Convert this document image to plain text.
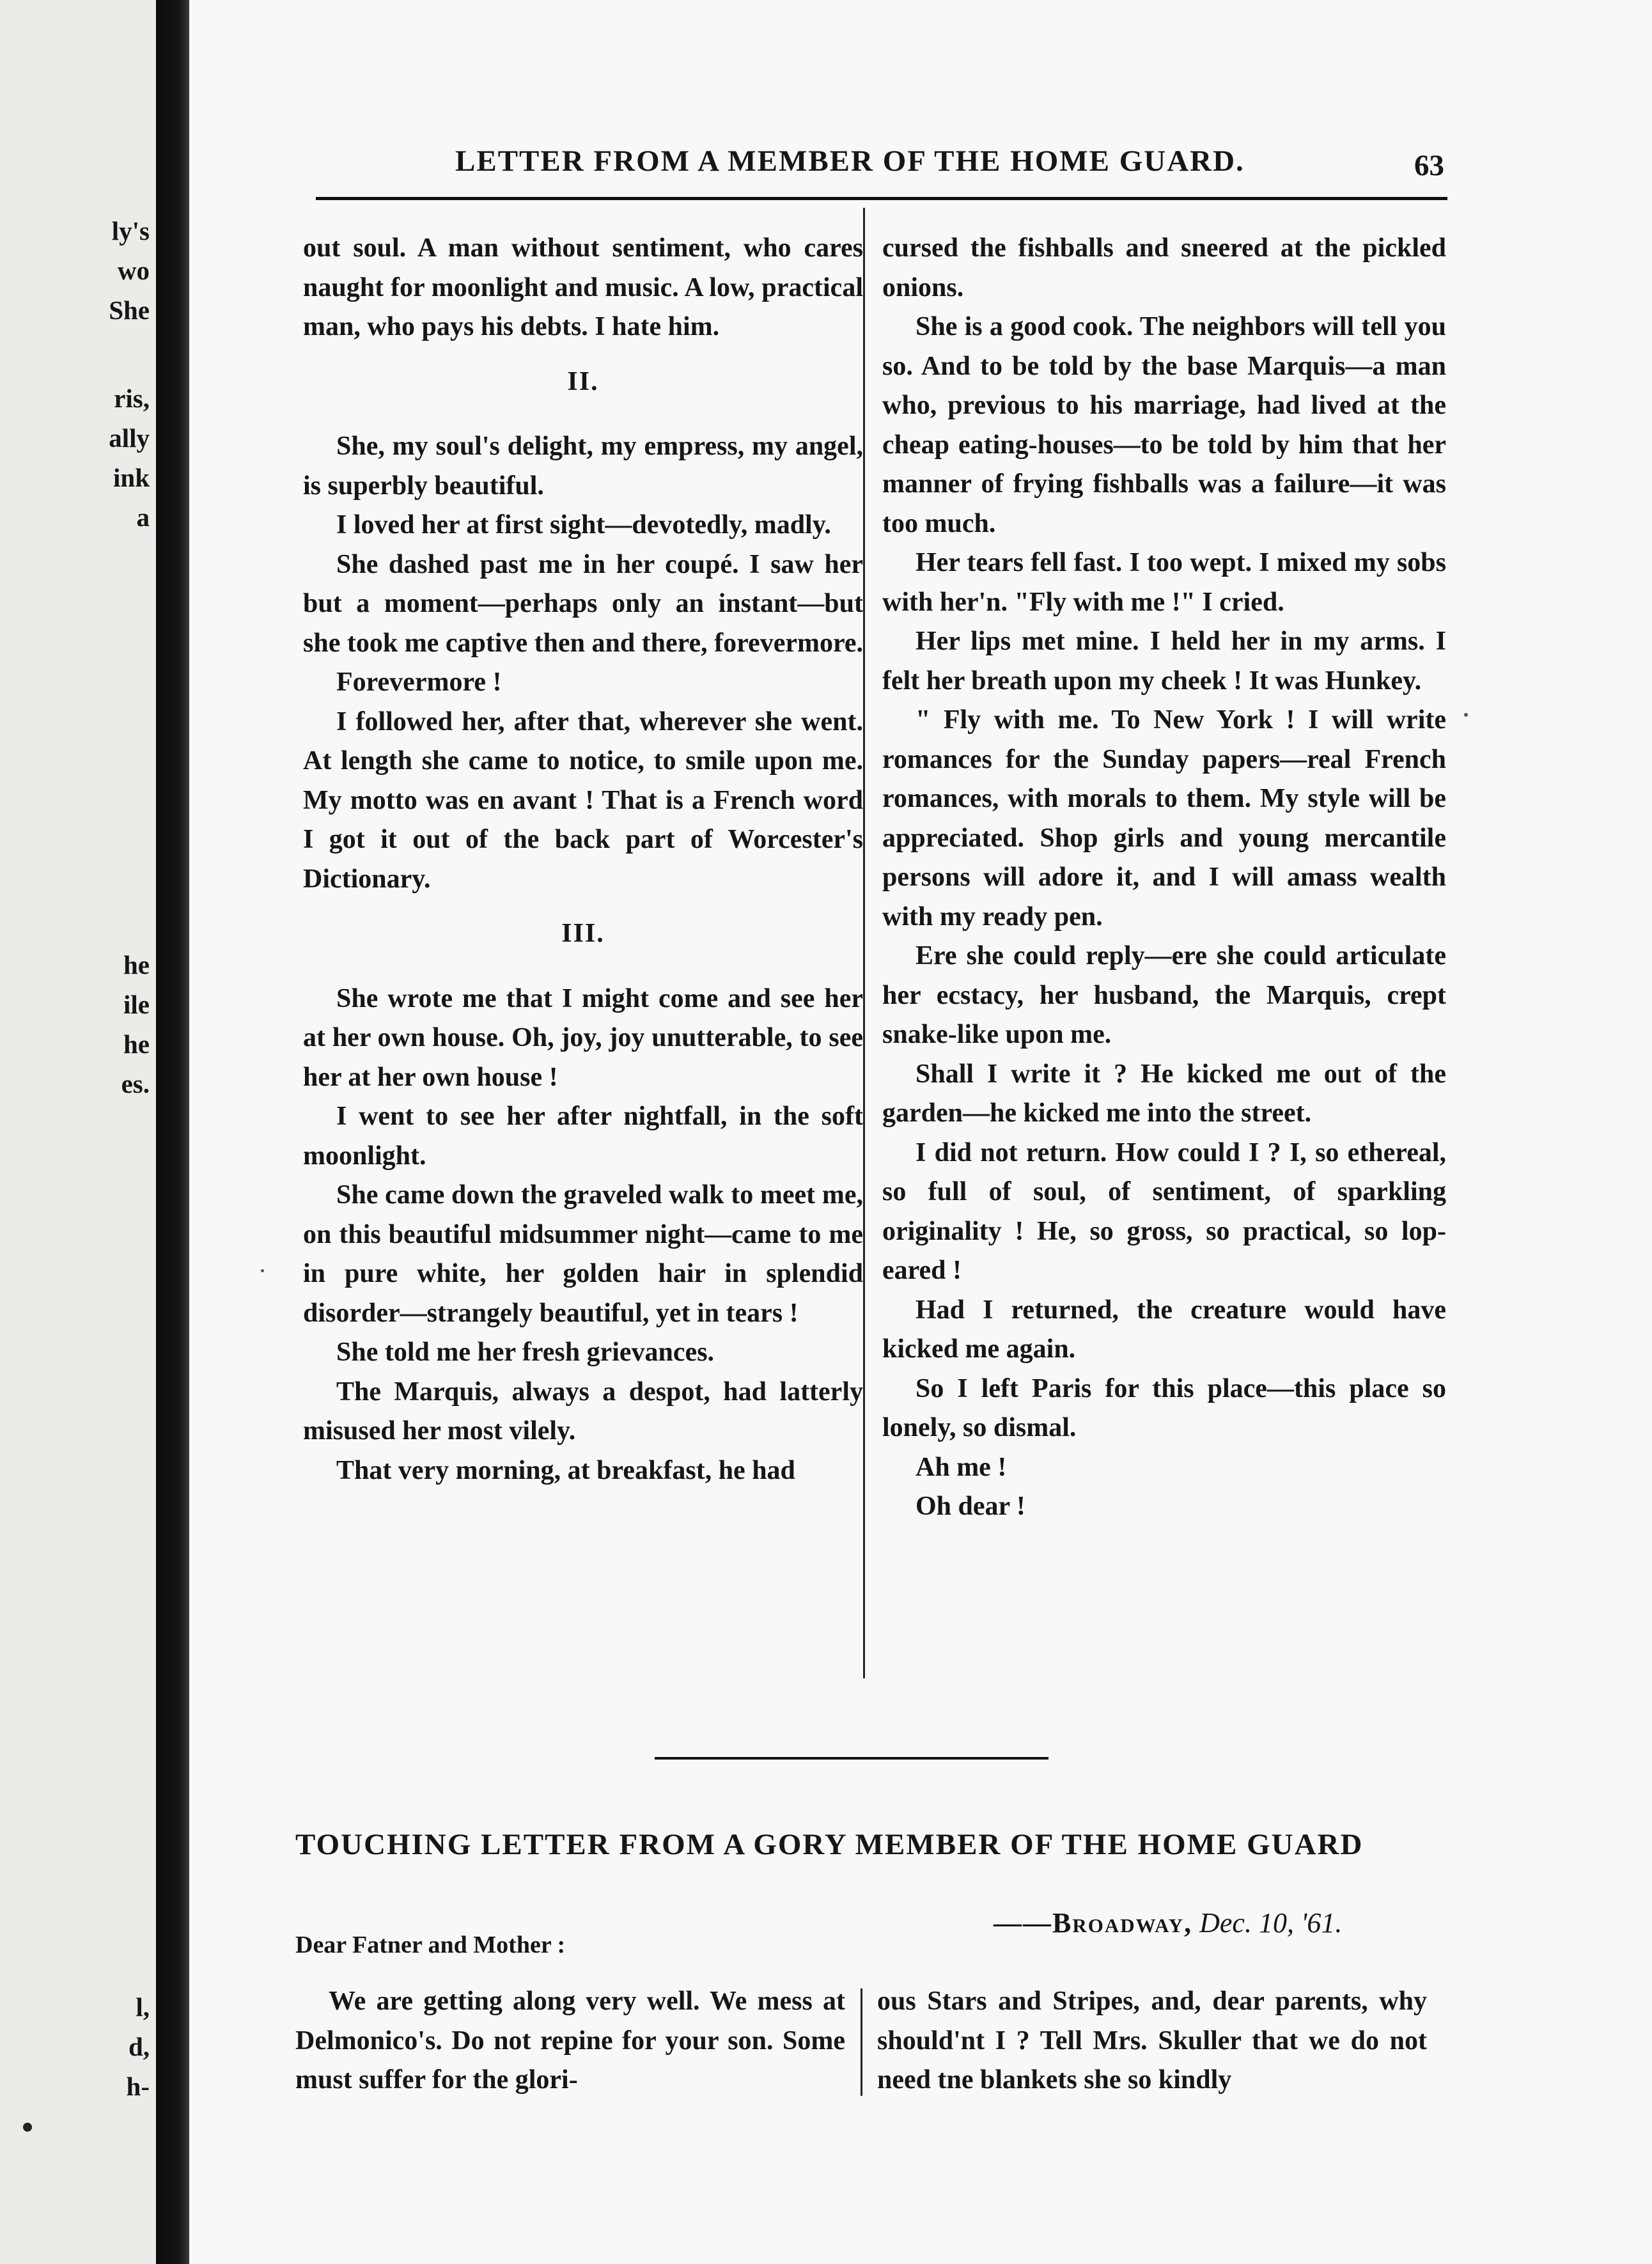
ly's
wo
She
ris,
ally
ink
a
he
ile
he
es.
l,
d,
h-
LETTER FROM A MEMBER OF THE HOME GUARD.	63

out soul. A man without sentiment, who cares naught for moonlight and music. A low, practical man, who pays his debts. I hate him.

II.

She, my soul's delight, my empress, my angel, is superbly beautiful.

I loved her at first sight—devotedly, madly.

She dashed past me in her coupé. I saw her but a moment—perhaps only an instant—but she took me captive then and there, forevermore.

Forevermore !

I followed her, after that, wherever she went. At length she came to notice, to smile upon me. My motto was en avant ! That is a French word I got it out of the back part of Worcester's Dictionary.

III.

She wrote me that I might come and see her at her own house. Oh, joy, joy unutterable, to see her at her own house !

I went to see her after nightfall, in the soft moonlight.

She came down the graveled walk to meet me, on this beautiful midsummer night—came to me in pure white, her golden hair in splendid disorder—strangely beautiful, yet in tears !

She told me her fresh grievances.

The Marquis, always a despot, had latterly misused her most vilely.

That very morning, at breakfast, he had

cursed the fishballs and sneered at the pickled onions.

She is a good cook. The neighbors will tell you so. And to be told by the base Marquis—a man who, previous to his marriage, had lived at the cheap eating-houses—to be told by him that her manner of frying fishballs was a failure—it was too much.

Her tears fell fast. I too wept. I mixed my sobs with her'n. "Fly with me !" I cried.

Her lips met mine. I held her in my arms. I felt her breath upon my cheek ! It was Hunkey.

" Fly with me. To New York ! I will write romances for the Sunday papers—real French romances, with morals to them. My style will be appreciated. Shop girls and young mercantile persons will adore it, and I will amass wealth with my ready pen.

Ere she could reply—ere she could articulate her ecstacy, her husband, the Marquis, crept snake-like upon me.

Shall I write it ? He kicked me out of the garden—he kicked me into the street.

I did not return. How could I ? I, so ethereal, so full of soul, of sentiment, of sparkling originality ! He, so gross, so practical, so lop-eared !

Had I returned, the creature would have kicked me again.

So I left Paris for this place—this place so lonely, so dismal.

Ah me !

Oh dear !

TOUCHING LETTER FROM A GORY MEMBER OF THE HOME GUARD
——Broadway, Dec. 10, '61.
Dear Fatner and Mother :

We are getting along very well. We mess at Delmonico's. Do not repine for your son. Some must suffer for the glori-

ous Stars and Stripes, and, dear parents, why should'nt I ? Tell Mrs. Skuller that we do not need tne blankets she so kindly
